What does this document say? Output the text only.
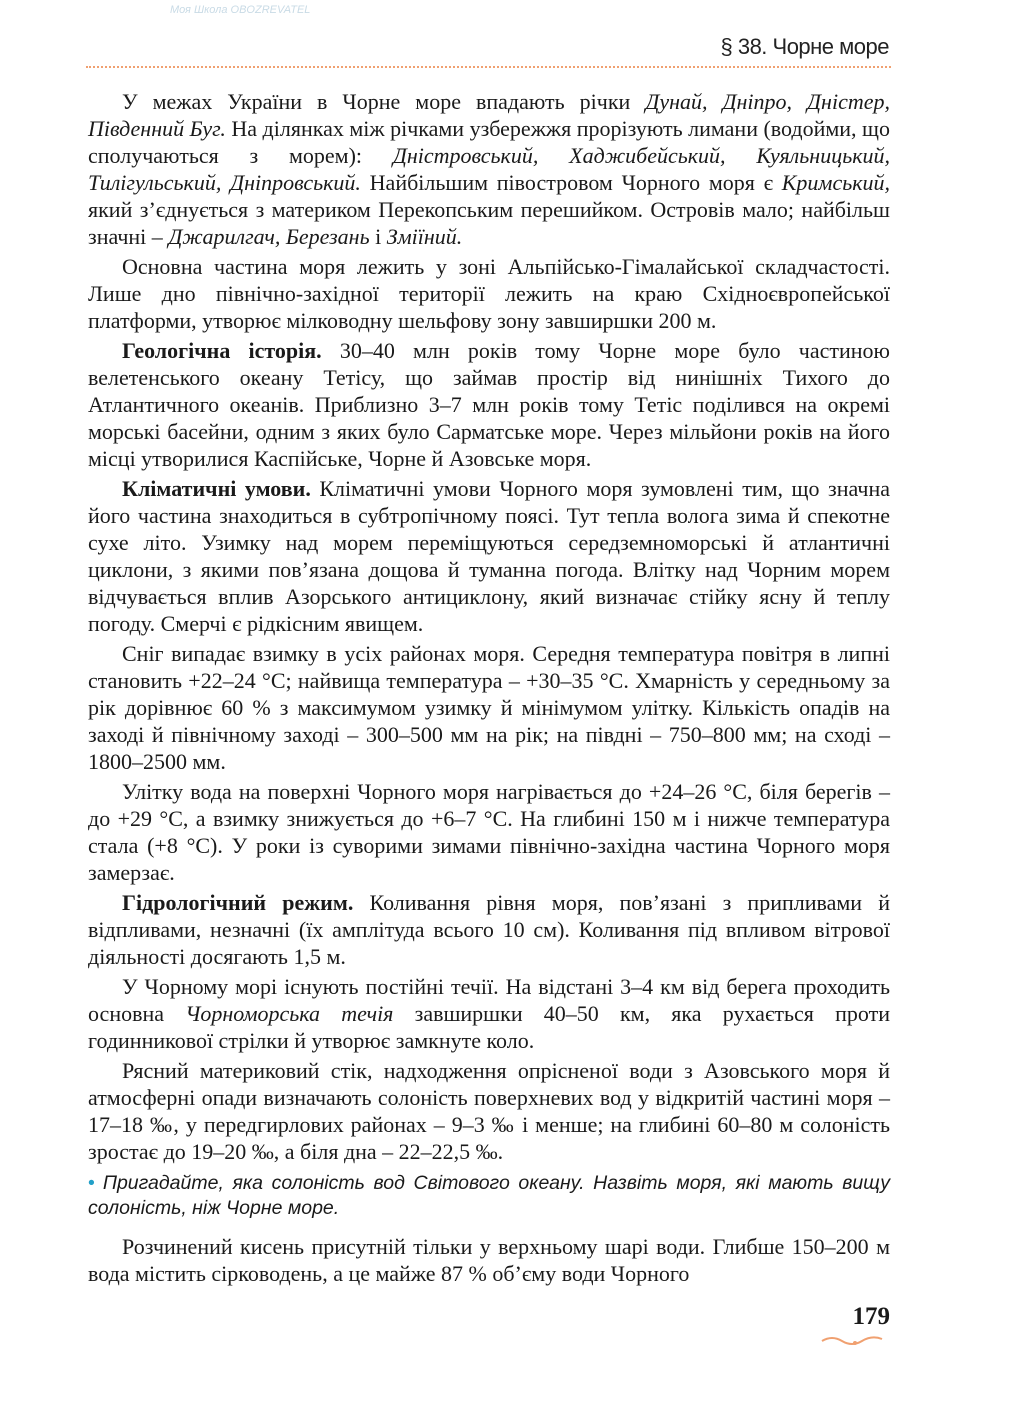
Моя Школа OBOZREVATEL
§ 38. Чорне море

У межах України в Чорне море впадають річки Дунай, Дніпро, Дністер, Південний Буг. На ділянках між річками узбережжя прорізують лимани (водойми, що сполучаються з морем): Дністровський, Хаджибейський, Куяльницький, Тилігульський, Дніпровський. Найбільшим півостровом Чорного моря є Кримський, який з’єднується з материком Перекопським перешийком. Островів мало; найбільш значні – Джарилгач, Березань і Зміїний.

Основна частина моря лежить у зоні Альпійсько-Гімалайської складчастості. Лише дно північно-західної території лежить на краю Східноєвропейської платформи, утворює мілководну шельфову зону завширшки 200 м.

Геологічна історія. 30–40 млн років тому Чорне море було частиною велетенського океану Тетісу, що займав простір від нинішніх Тихого до Атлантичного океанів. Приблизно 3–7 млн років тому Тетіс поділився на окремі морські басейни, одним з яких було Сарматське море. Через мільйони років на його місці утворилися Каспійське, Чорне й Азовське моря.

Кліматичні умови. Кліматичні умови Чорного моря зумовлені тим, що значна його частина знаходиться в субтропічному поясі. Тут тепла волога зима й спекотне сухе літо. Узимку над морем переміщуються середземноморські й атлантичні циклони, з якими пов’язана дощова й туманна погода. Влітку над Чорним морем відчувається вплив Азорського антициклону, який визначає стійку ясну й теплу погоду. Смерчі є рідкісним явищем.

Сніг випадає взимку в усіх районах моря. Середня температура повітря в липні становить +22–24 °С; найвища температура – +30–35 °С. Хмарність у середньому за рік дорівнює 60 % з максимумом узимку й мінімумом улітку. Кількість опадів на заході й північному заході – 300–500 мм на рік; на півдні – 750–800 мм; на сході – 1800–2500 мм.

Улітку вода на поверхні Чорного моря нагрівається до +24–26 °С, біля берегів – до +29 °С, а взимку знижується до +6–7 °С. На глибині 150 м і нижче температура стала (+8 °С). У роки із суворими зимами північно-західна частина Чорного моря замерзає.

Гідрологічний режим. Коливання рівня моря, пов’язані з припливами й відпливами, незначні (їх амплітуда всього 10 см). Коливання під впливом вітрової діяльності досягають 1,5 м.

У Чорному морі існують постійні течії. На відстані 3–4 км від берега проходить основна Чорноморська течія завширшки 40–50 км, яка рухається проти годинникової стрілки й утворює замкнуте коло.

Рясний материковий стік, надходження опрісненої води з Азовського моря й атмосферні опади визначають солоність поверхневих вод у відкритій частині моря – 17–18 ‰, у передгирлових районах – 9–3 ‰ і менше; на глибині 60–80 м солоність зростає до 19–20 ‰, а біля дна – 22–22,5 ‰.

• Пригадайте, яка солоність вод Світового океану. Назвіть моря, які мають вищу солоність, ніж Чорне море.

Розчинений кисень присутній тільки у верхньому шарі води. Глибше 150–200 м вода містить сірководень, а це майже 87 % об’єму води Чорного

179
